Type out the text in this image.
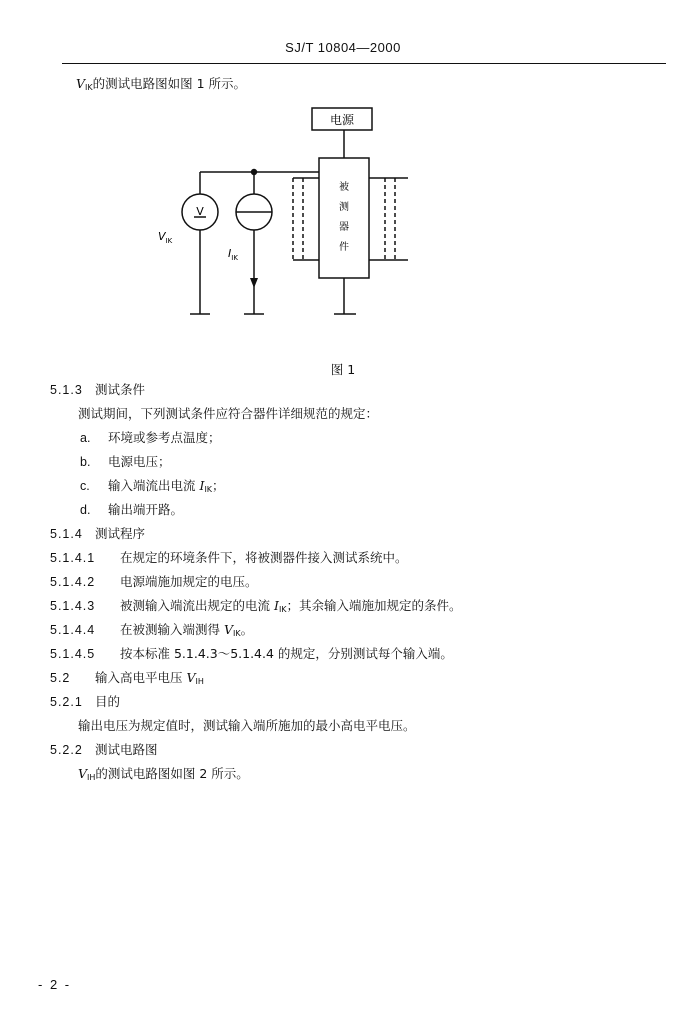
SJ/T 10804—2000
$V_{IK}$的测试电路图如图 1 所示。
电源
被
测
器
件
V
$V_{IK}$
$I_{IK}$
图 1
5.1.3 测试条件
测试期间，下列测试条件应符合器件详细规范的规定：
a. 环境或参考点温度；
b. 电源电压；
c. 输入端流出电流 $I_{IK}$；
d. 输出端开路。
5.1.4 测试程序
5.1.4.1 在规定的环境条件下，将被测器件接入测试系统中。
5.1.4.2 电源端施加规定的电压。
5.1.4.3 被测输入端流出规定的电流 $I_{IK}$；其余输入端施加规定的条件。
5.1.4.4 在被测输入端测得 $V_{IK}$。
5.1.4.5 按本标准 5.1.4.3～5.1.4.4 的规定，分别测试每个输入端。
5.2 输入高电平电压 $V_{IH}$
5.2.1 目的
输出电压为规定值时，测试输入端所施加的最小高电平电压。
5.2.2 测试电路图
$V_{IH}$的测试电路图如图 2 所示。
- 2 -
